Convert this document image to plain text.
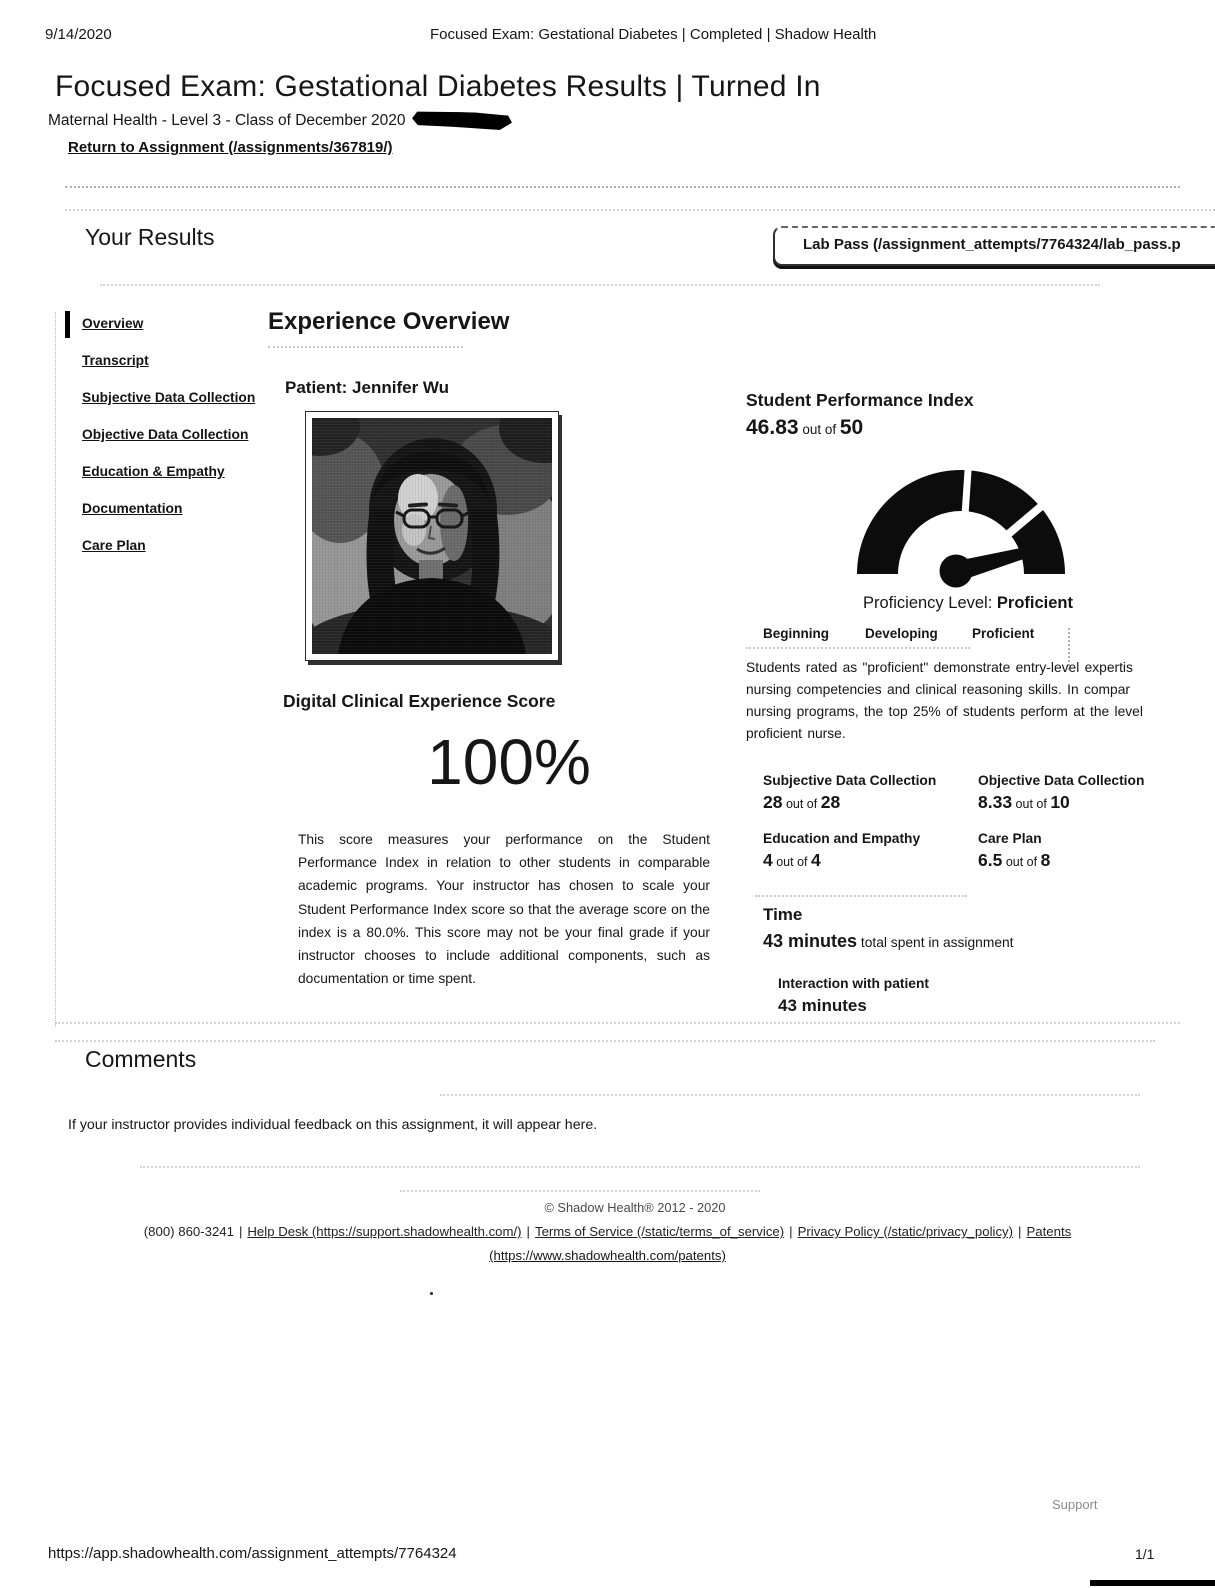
9/14/2020	Focused Exam: Gestational Diabetes | Completed | Shadow Health
Focused Exam: Gestational Diabetes Results | Turned In
Maternal Health - Level 3 - Class of December 2020
Return to Assignment (/assignments/367819/)
Your Results	Lab Pass (/assignment_attempts/7764324/lab_pass.p
Overview
Transcript
Subjective Data Collection
Objective Data Collection
Education & Empathy
Documentation
Care Plan
Experience Overview
Patient: Jennifer Wu
Digital Clinical Experience Score
100%

This score measures your performance on the Student Performance Index in relation to other students in comparable academic programs. Your instructor has chosen to scale your Student Performance Index score so that the average score on the index is a 80.0%. This score may not be your final grade if your instructor chooses to include additional components, such as documentation or time spent.

Student Performance Index
46.83 out of 50
Proficiency Level: Proficient
Beginning	Developing	Proficient
Students rated as "proficient" demonstrate entry-level expertis
nursing competencies and clinical reasoning skills. In compar
nursing programs, the top 25% of students perform at the level
proficient nurse.
Subjective Data Collection
28 out of 28
Objective Data Collection
8.33 out of 10
Education and Empathy
4 out of 4
Care Plan
6.5 out of 8
Time
43 minutes total spent in assignment
Interaction with patient
43 minutes
Comments
If your instructor provides individual feedback on this assignment, it will appear here.
© Shadow Health® 2012 - 2020
(800) 860-3241 | Help Desk (https://support.shadowhealth.com/) | Terms of Service (/static/terms_of_service) | Privacy Policy (/static/privacy_policy) | Patents
(https://www.shadowhealth.com/patents)
Support
https://app.shadowhealth.com/assignment_attempts/7764324	1/1
